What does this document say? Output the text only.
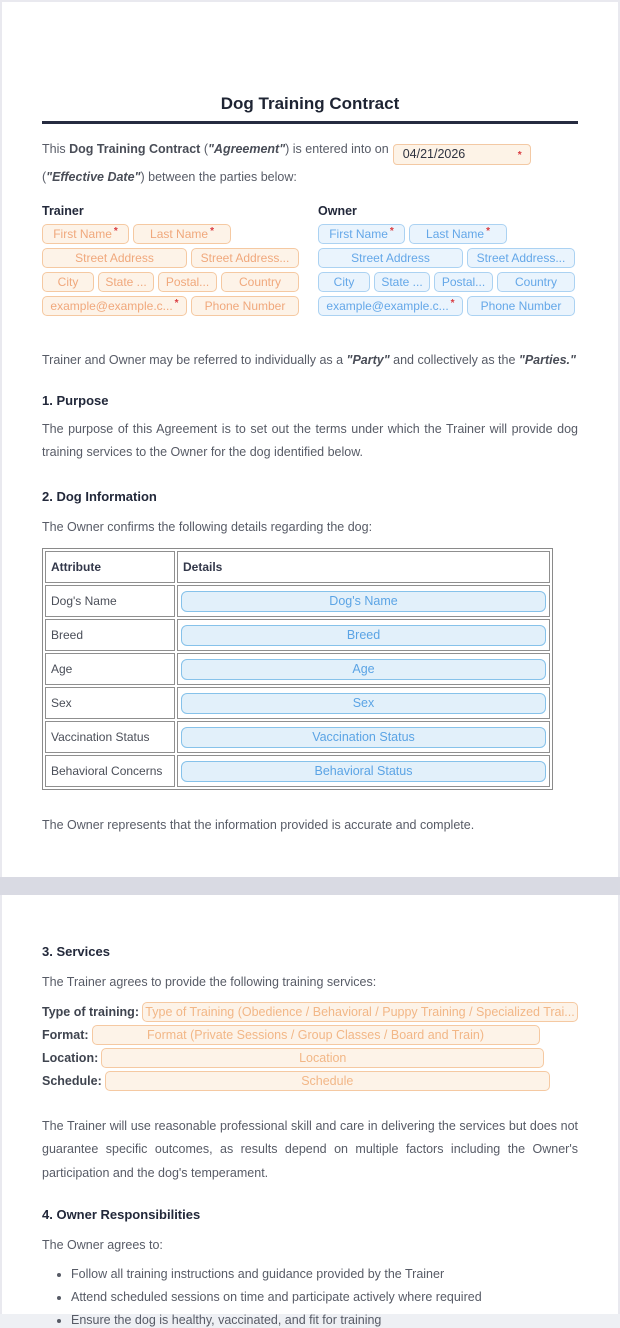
Dog Training Contract

This Dog Training Contract ("Agreement") is entered into on 04/21/2026	*
("Effective Date") between the parties below:

Trainer
First Name *	Last Name *
Street Address	Street Address...
City State ... Postal... Country
example@example.c... * Phone Number
Owner
First Name *	Last Name *
Street Address	Street Address...
City State ... Postal... Country
example@example.c... * Phone Number

Trainer and Owner may be referred to individually as a "Party" and collectively as the "Parties."

1. Purpose

The purpose of this Agreement is to set out the terms under which the Trainer will provide dog training services to the Owner for the dog identified below.

2. Dog Information

The Owner confirms the following details regarding the dog:

Attribute	Details
Dog's Name	Dog's Name

Breed	Breed

Age	Age

Sex	Sex

Vaccination Status	Vaccination Status

Behavioral Concerns	Behavioral Status

The Owner represents that the information provided is accurate and complete.

3. Services

The Trainer agrees to provide the following training services:

Type of training: Type of Training (Obedience / Behavioral / Puppy Training / Specialized Trai...
Format:	Format (Private Sessions / Group Classes / Board and Train)
Location:	Location
Schedule:	Schedule

The Trainer will use reasonable professional skill and care in delivering the services but does not guarantee specific outcomes, as results depend on multiple factors including the Owner's participation and the dog's temperament.

4. Owner Responsibilities

The Owner agrees to:

• Follow all training instructions and guidance provided by the Trainer
• Attend scheduled sessions on time and participate actively where required
• Ensure the dog is healthy, vaccinated, and fit for training
